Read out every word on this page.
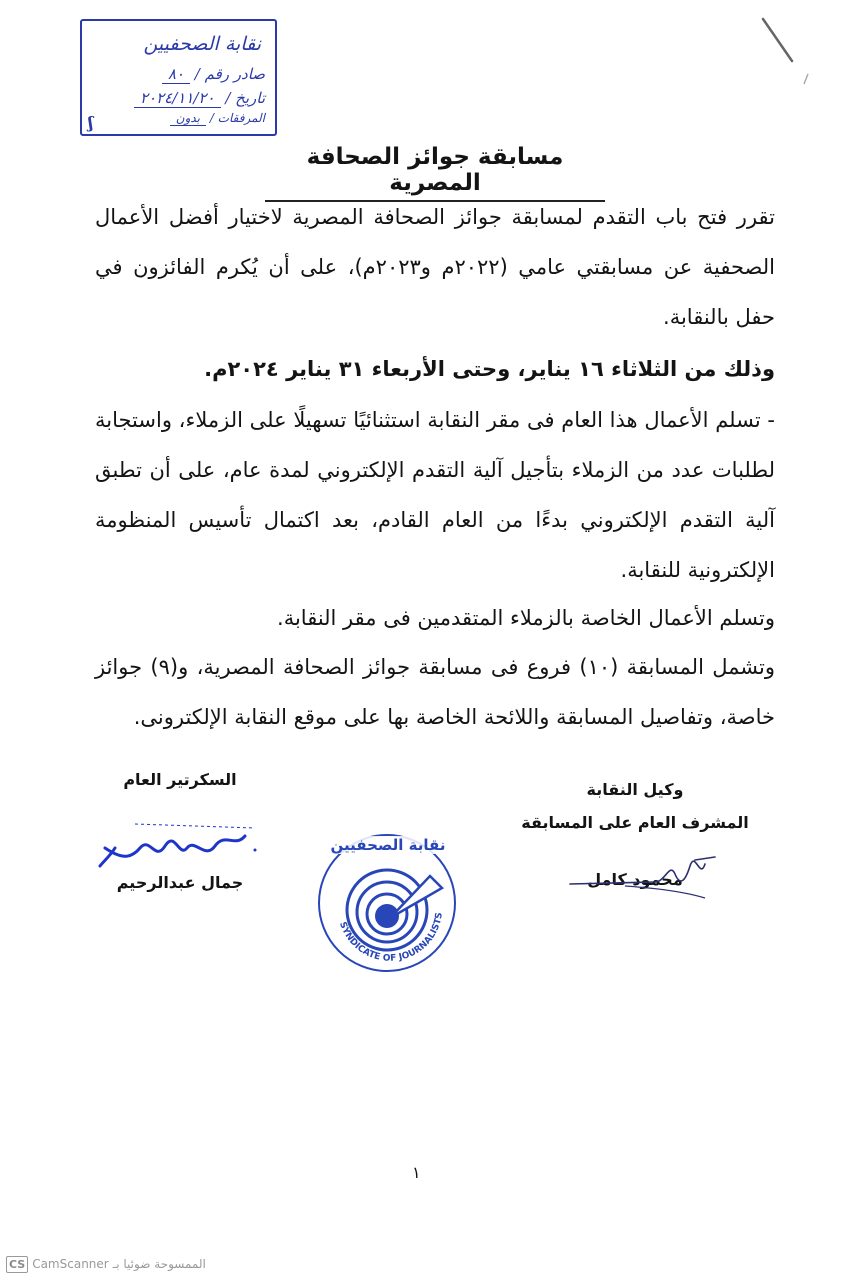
نقابة الصحفيين
صادر رقم / ٨٠
تاريخ / ٢٠٢٤/١١/٢٠
المرفقات / بدون
ʃ
مسابقة جوائز الصحافة المصرية
تقرر فتح باب التقدم لمسابقة جوائز الصحافة المصرية لاختيار أفضل الأعمال الصحفية عن مسابقتي عامي (٢٠٢٢م و٢٠٢٣م)، على أن يُكرم الفائزون في حفل بالنقابة.
وذلك من الثلاثاء ١٦ يناير، وحتى الأربعاء ٣١ يناير ٢٠٢٤م.
- تسلم الأعمال هذا العام فى مقر النقابة استثنائيًا تسهيلًا على الزملاء، واستجابة لطلبات عدد من الزملاء بتأجيل آلية التقدم الإلكتروني لمدة عام، على أن تطبق آلية التقدم الإلكتروني بدءًا من العام القادم، بعد اكتمال تأسيس المنظومة الإلكترونية للنقابة.
وتسلم الأعمال الخاصة بالزملاء المتقدمين فى مقر النقابة.
وتشمل المسابقة (١٠) فروع فى مسابقة جوائز الصحافة المصرية، و(٩) جوائز خاصة، وتفاصيل المسابقة واللائحة الخاصة بها على موقع النقابة الإلكترونى.
السكرتير العام
جمال عبدالرحيم
وكيل النقابة
المشرف العام على المسابقة
محمود كامل
SYNDICATE OF JOURNALISTS
نقابة الصحفيين
١
CS CamScanner الممسوحة ضوئيا بـ
